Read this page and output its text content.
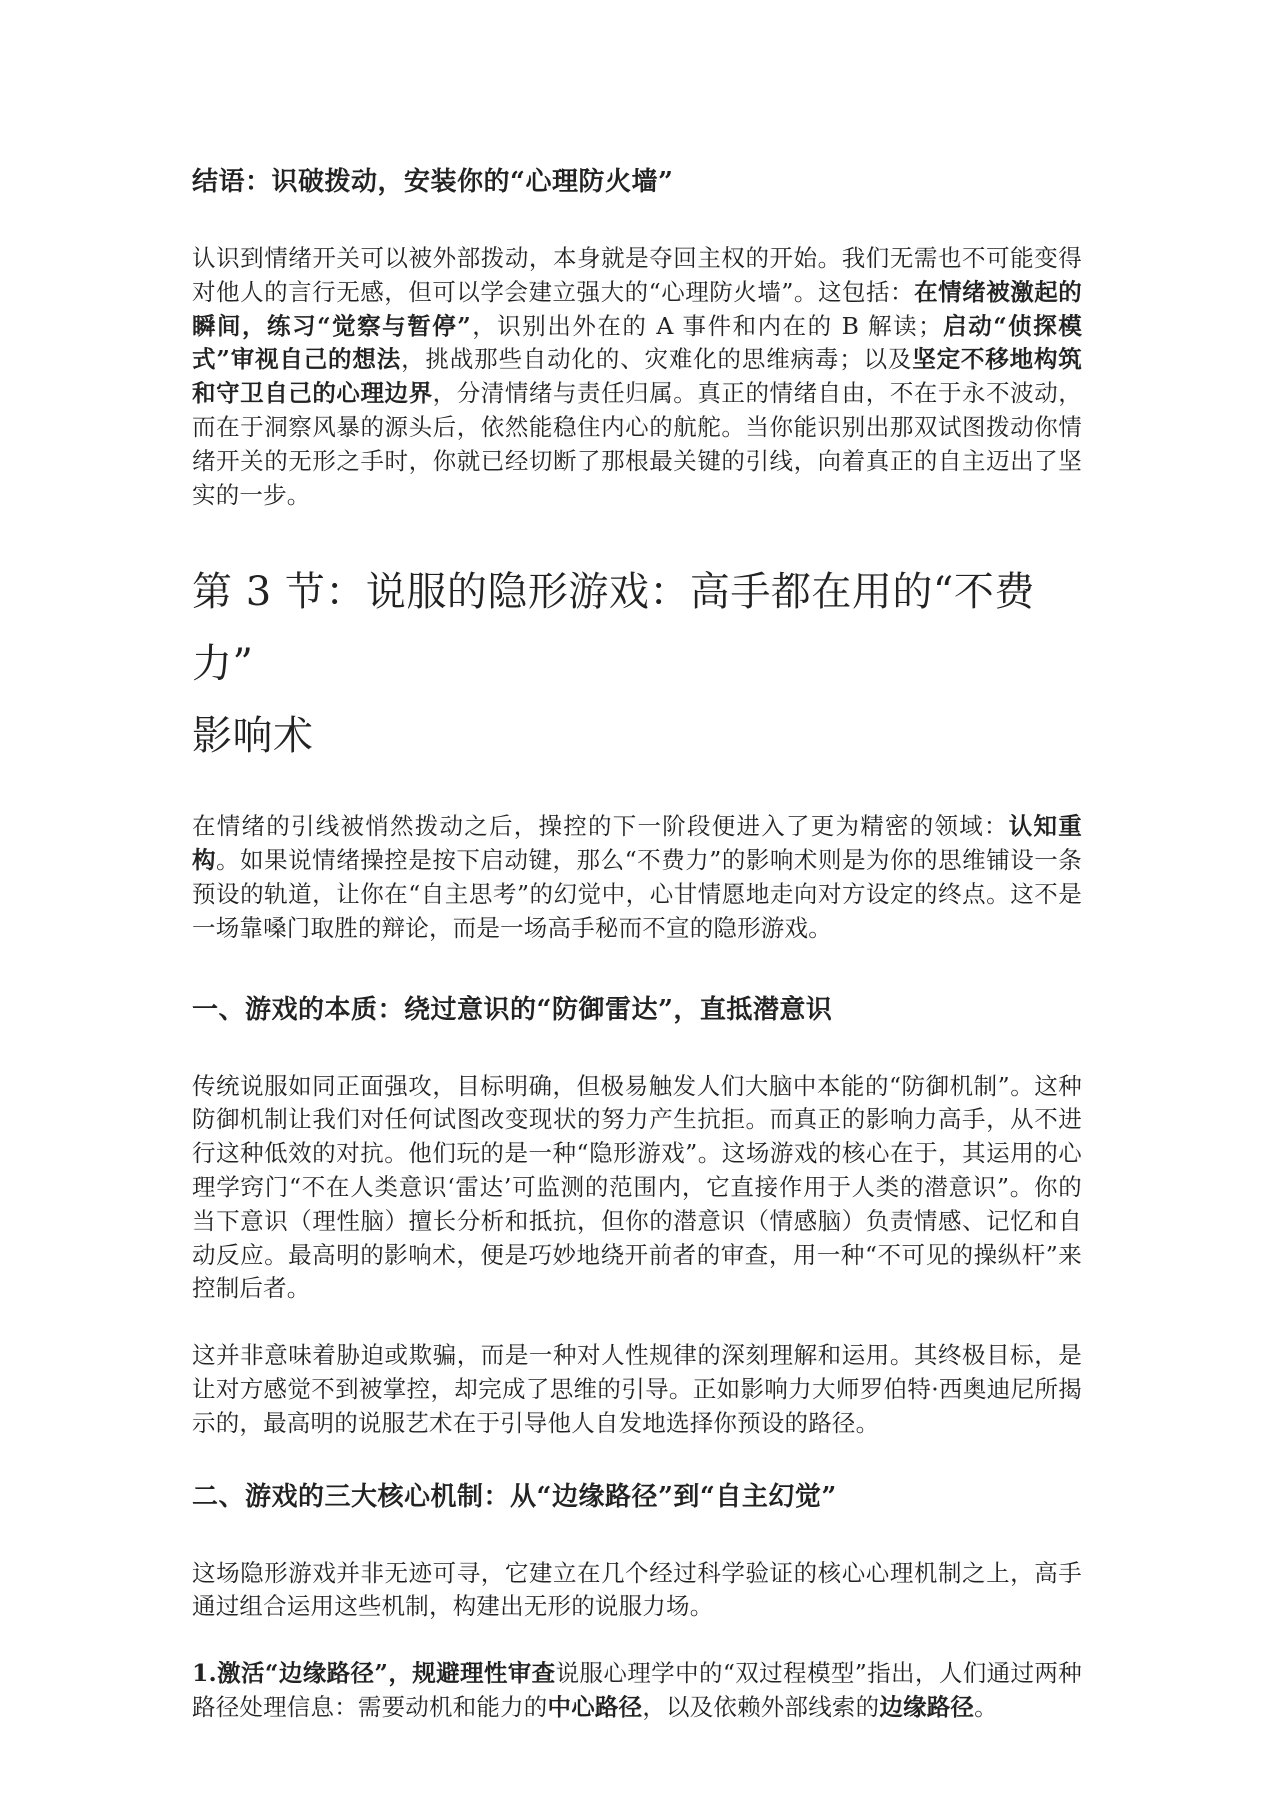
结语：识破拨动，安装你的“心理防火墙”

认识到情绪开关可以被外部拨动，本身就是夺回主权的开始。我们无需也不可能变得对他人的言行无感，但可以学会建立强大的“心理防火墙”。这包括：在情绪被激起的瞬间，练习“觉察与暂停”，识别出外在的 A 事件和内在的 B 解读；启动“侦探模式”审视自己的想法，挑战那些自动化的、灾难化的思维病毒；以及坚定不移地构筑和守卫自己的心理边界，分清情绪与责任归属。真正的情绪自由，不在于永不波动，而在于洞察风暴的源头后，依然能稳住内心的航舵。当你能识别出那双试图拨动你情绪开关的无形之手时，你就已经切断了那根最关键的引线，向着真正的自主迈出了坚实的一步。

第 3 节：说服的隐形游戏：高手都在用的“不费力”
影响术

在情绪的引线被悄然拨动之后，操控的下一阶段便进入了更为精密的领域：认知重构。如果说情绪操控是按下启动键，那么“不费力”的影响术则是为你的思维铺设一条预设的轨道，让你在“自主思考”的幻觉中，心甘情愿地走向对方设定的终点。这不是一场靠嗓门取胜的辩论，而是一场高手秘而不宣的隐形游戏。

一、游戏的本质：绕过意识的“防御雷达”，直抵潜意识

传统说服如同正面强攻，目标明确，但极易触发人们大脑中本能的“防御机制”。这种防御机制让我们对任何试图改变现状的努力产生抗拒。而真正的影响力高手，从不进行这种低效的对抗。他们玩的是一种“隐形游戏”。这场游戏的核心在于，其运用的心理学窍门“不在人类意识‘雷达’可监测的范围内，它直接作用于人类的潜意识”。你的当下意识（理性脑）擅长分析和抵抗，但你的潜意识（情感脑）负责情感、记忆和自动反应。最高明的影响术，便是巧妙地绕开前者的审查，用一种“不可见的操纵杆”来控制后者。

这并非意味着胁迫或欺骗，而是一种对人性规律的深刻理解和运用。其终极目标，是让对方感觉不到被掌控，却完成了思维的引导。正如影响力大师罗伯特·西奥迪尼所揭示的，最高明的说服艺术在于引导他人自发地选择你预设的路径。

二、游戏的三大核心机制：从“边缘路径”到“自主幻觉”

这场隐形游戏并非无迹可寻，它建立在几个经过科学验证的核心心理机制之上，高手通过组合运用这些机制，构建出无形的说服力场。

1.激活“边缘路径”，规避理性审查说服心理学中的“双过程模型”指出，人们通过两种路径处理信息：需要动机和能力的中心路径，以及依赖外部线索的边缘路径。
